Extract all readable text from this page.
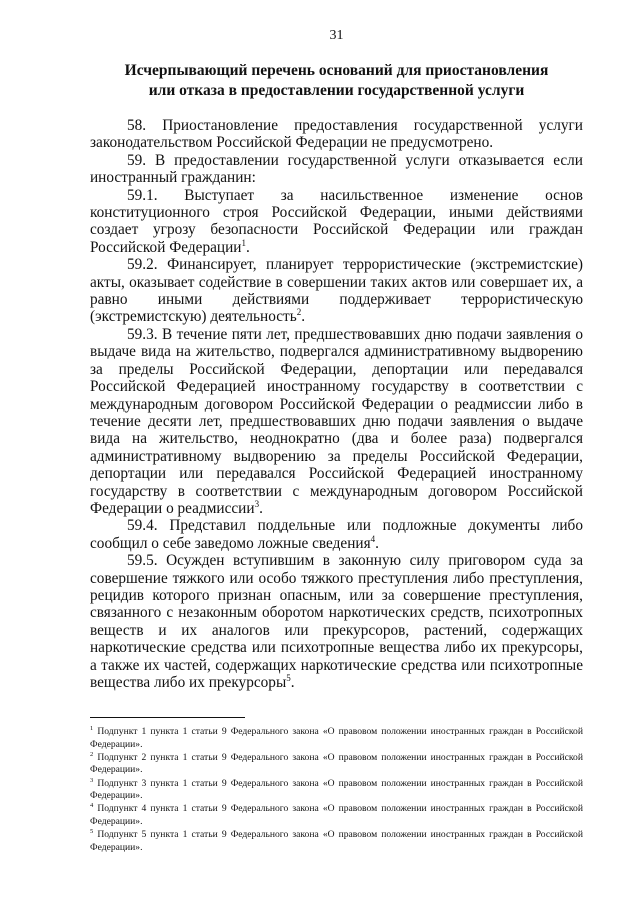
31
Исчерпывающий перечень оснований для приостановления
или отказа в предоставлении государственной услуги

58. Приостановление предоставления государственной услуги законодательством Российской Федерации не предусмотрено.

59. В предоставлении государственной услуги отказывается если иностранный гражданин:

59.1. Выступает за насильственное изменение основ конституционного строя Российской Федерации, иными действиями создает угрозу безопасности Российской Федерации или граждан Российской Федерации$^1$.

59.2. Финансирует, планирует террористические (экстремистские) акты, оказывает содействие в совершении таких актов или совершает их, а равно иными действиями поддерживает террористическую (экстремистскую) деятельность$^2$.

59.3. В течение пяти лет, предшествовавших дню подачи заявления о выдаче вида на жительство, подвергался административному выдворению за пределы Российской Федерации, депортации или передавался Российской Федерацией иностранному государству в соответствии с международным договором Российской Федерации о реадмиссии либо в течение десяти лет, предшествовавших дню подачи заявления о выдаче вида на жительство, неоднократно (два и более раза) подвергался административному выдворению за пределы Российской Федерации, депортации или передавался Российской Федерацией иностранному государству в соответствии с международным договором Российской Федерации о реадмиссии$^3$.

59.4. Представил поддельные или подложные документы либо сообщил о себе заведомо ложные сведения$^4$.

59.5. Осужден вступившим в законную силу приговором суда за совершение тяжкого или особо тяжкого преступления либо преступления, рецидив которого признан опасным, или за совершение преступления, связанного с незаконным оборотом наркотических средств, психотропных веществ и их аналогов или прекурсоров, растений, содержащих наркотические средства или психотропные вещества либо их прекурсоры, а также их частей, содержащих наркотические средства или психотропные вещества либо их прекурсоры$^5$.

$^1$ Подпункт 1 пункта 1 статьи 9 Федерального закона «О правовом положении иностранных граждан в Российской Федерации».

$^2$ Подпункт 2 пункта 1 статьи 9 Федерального закона «О правовом положении иностранных граждан в Российской Федерации».

$^3$ Подпункт 3 пункта 1 статьи 9 Федерального закона «О правовом положении иностранных граждан в Российской Федерации».

$^4$ Подпункт 4 пункта 1 статьи 9 Федерального закона «О правовом положении иностранных граждан в Российской Федерации».

$^5$ Подпункт 5 пункта 1 статьи 9 Федерального закона «О правовом положении иностранных граждан в Российской Федерации».
